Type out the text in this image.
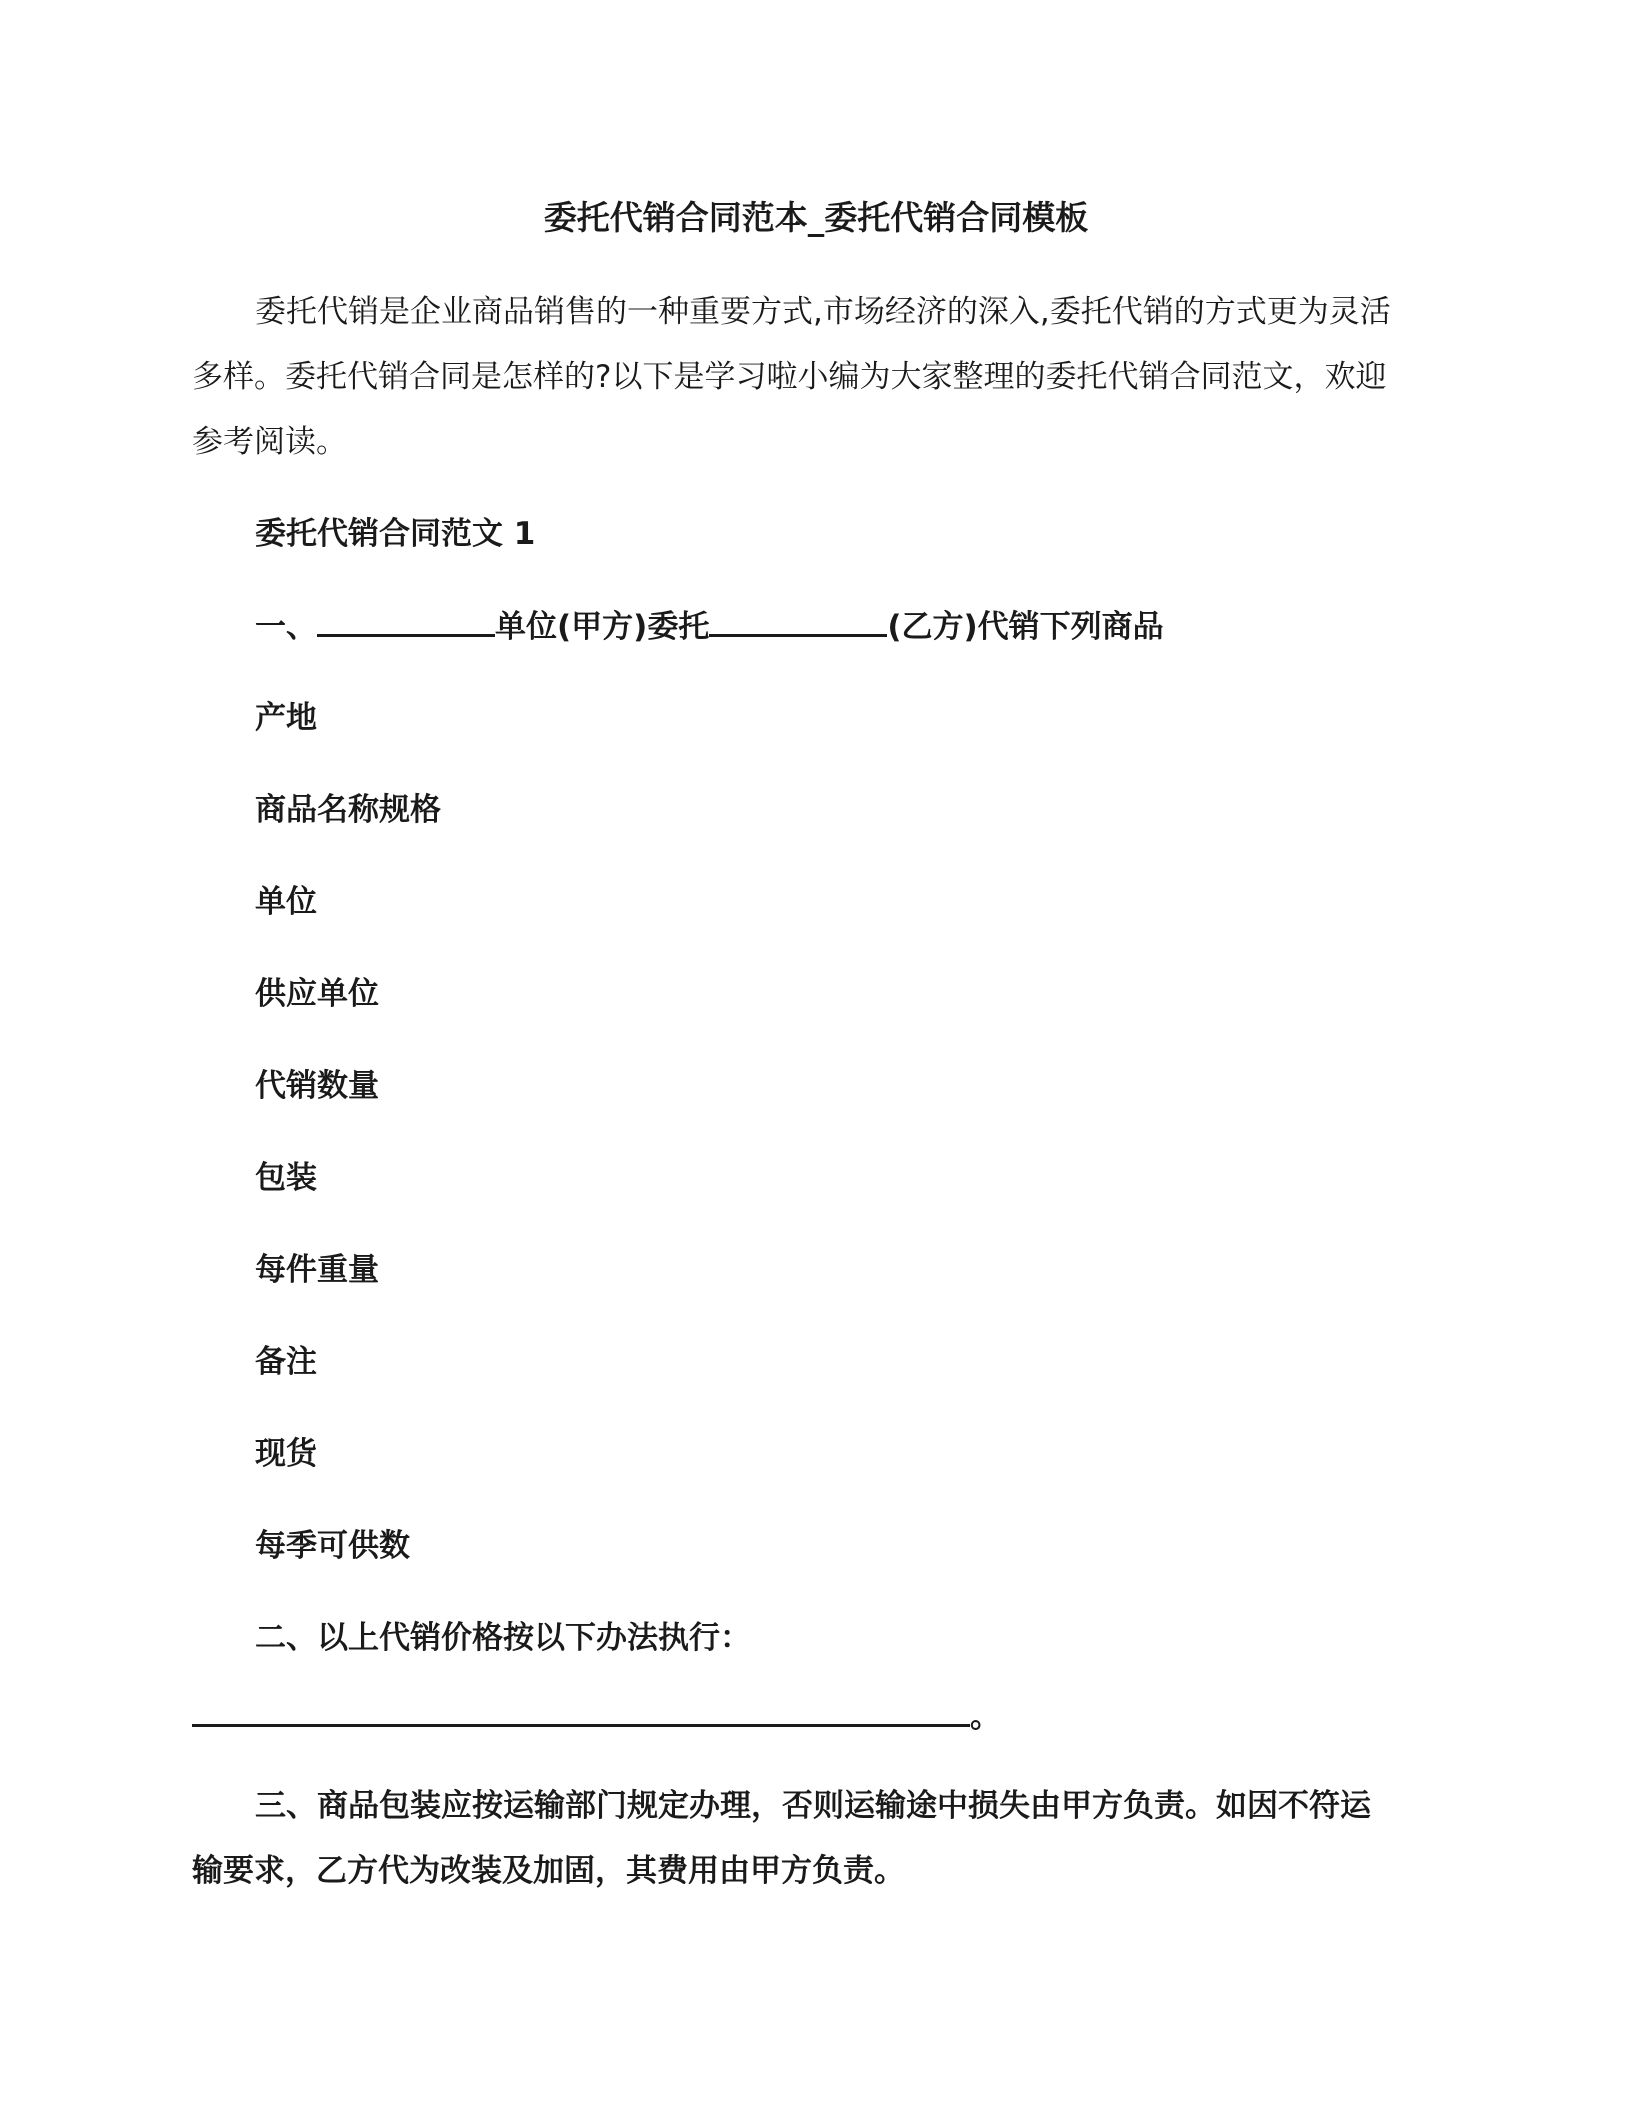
委托代销合同范本_委托代销合同模板
委托代销是企业商品销售的一种重要方式,市场经济的深入,委托代销的方式更为灵活
多样。委托代销合同是怎样的?以下是学习啦小编为大家整理的委托代销合同范文，欢迎
参考阅读。
委托代销合同范文 1
一、	单位(甲方)委托	(乙方)代销下列商品
产地
商品名称规格
单位
供应单位
代销数量
包装
每件重量
备注
现货
每季可供数
二、以上代销价格按以下办法执行：
。
三、商品包装应按运输部门规定办理，否则运输途中损失由甲方负责。如因不符运
输要求，乙方代为改装及加固，其费用由甲方负责。
